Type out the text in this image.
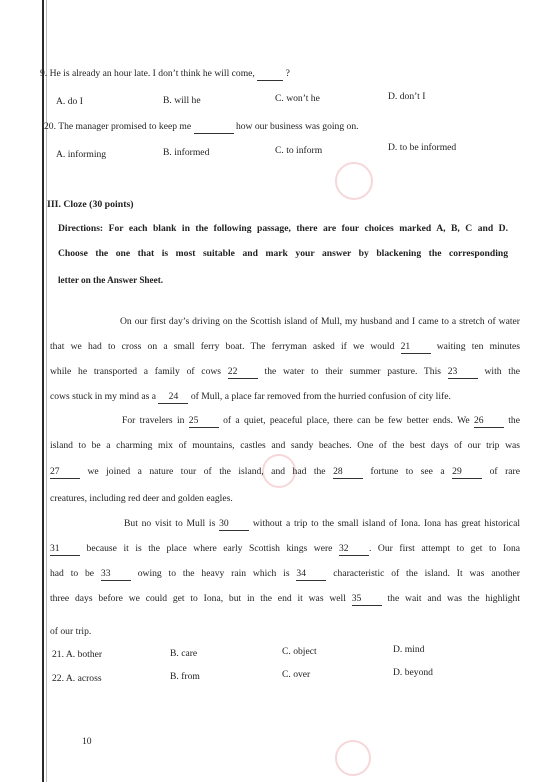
9. He is already an hour late. I don’t think he will come,	?
A. do I	B. will he	C. won’t he	D. don’t I
20. The manager promised to keep me	how our business was going on.
A. informing	B. informed	C. to inform	D. to be informed
III. Cloze (30 points)
Directions: For each blank in the following passage, there are four choices marked A, B, C and D.
Choose the one that is most suitable and mark your answer by blackening the corresponding
letter on the Answer Sheet.
On our first day’s driving on the Scottish island of Mull, my husband and I came to a stretch of water
that we had to cross on a small ferry boat. The ferryman asked if we would 21 waiting ten minutes
while he transported a family of cows 22 the water to their summer pasture. This 23 with the
cows stuck in my mind as a 24 of Mull, a place far removed from the hurried confusion of city life.
For travelers in 25 of a quiet, peaceful place, there can be few better ends. We 26 the
island to be a charming mix of mountains, castles and sandy beaches. One of the best days of our trip was
27 we joined a nature tour of the island, and had the 28 fortune to see a 29 of rare
creatures, including red deer and golden eagles.
But no visit to Mull is 30 without a trip to the small island of Iona. Iona has great historical
31 because it is the place where early Scottish kings were 32 . Our first attempt to get to Iona
had to be 33 owing to the heavy rain which is 34 characteristic of the island. It was another
three days before we could get to Iona, but in the end it was well 35 the wait and was the highlight
of our trip.
21. A. bother	B. care	C. object	D. mind
22. A. across	B. from	C. over	D. beyond
10
